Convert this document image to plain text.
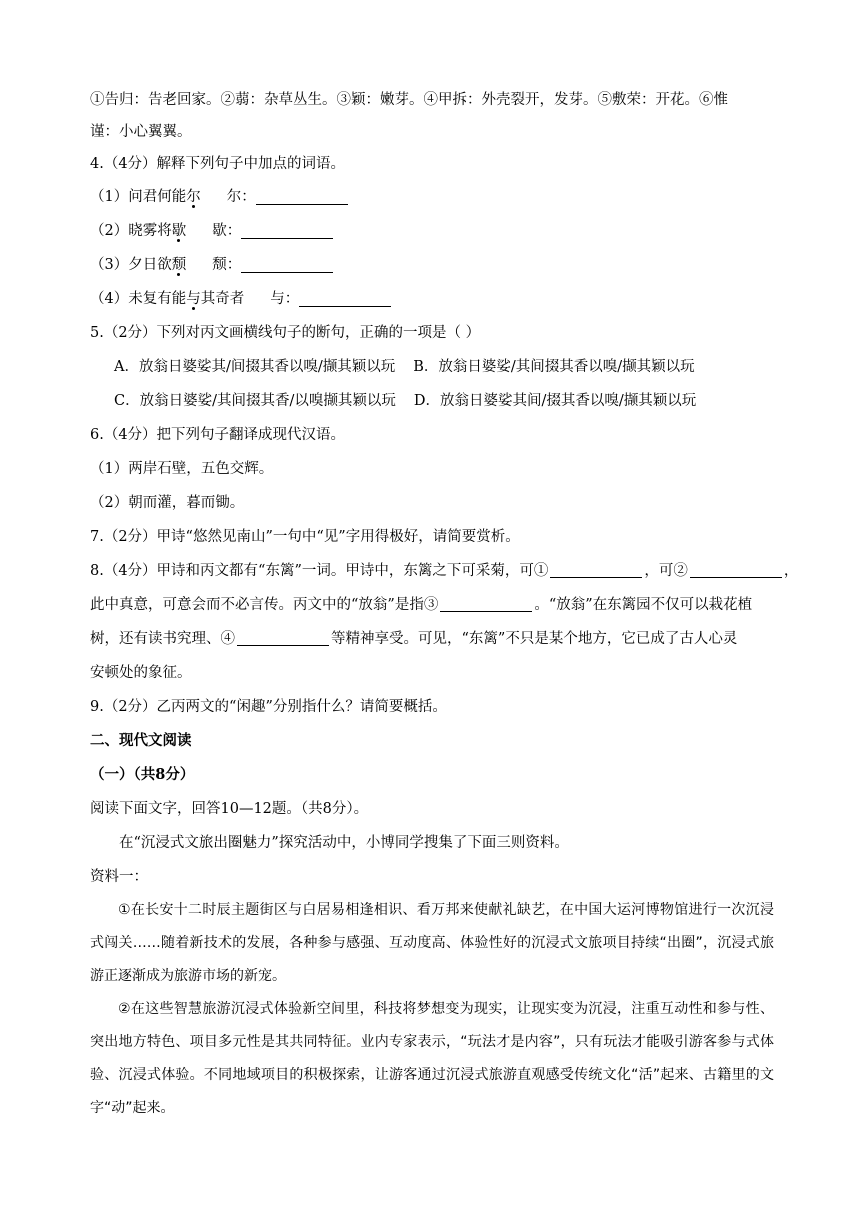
①告归：告老回家。②蒻：杂草丛生。③颖：嫩芽。④甲拆：外壳裂开，发芽。⑤敷荣：开花。⑥惟

谨：小心翼翼。

4.（4分）解释下列句子中加点的词语。

（1）问君何能尔 尔：

（2）晓雾将歇 歇：

（3）夕日欲颓 颓：

（4）未复有能与其奇者 与：

5.（2分）下列对丙文画横线句子的断句，正确的一项是（ ）

A．放翁日婆娑其/间掇其香以嗅/撷其颖以玩 B．放翁日婆娑/其间掇其香以嗅/撷其颖以玩

C．放翁日婆娑/其间掇其香/以嗅撷其颖以玩 D．放翁日婆娑其间/掇其香以嗅/撷其颖以玩

6.（4分）把下列句子翻译成现代汉语。

（1）两岸石壁，五色交辉。

（2）朝而灌，暮而锄。

7.（2分）甲诗“悠然见南山”一句中“见”字用得极好，请简要赏析。

8.（4分）甲诗和丙文都有“东篱”一词。甲诗中，东篱之下可采菊，可①	，可②	，

此中真意，可意会而不必言传。丙文中的“放翁”是指③	。“放翁”在东篱园不仅可以栽花植

树，还有读书究理、④	等精神享受。可见，“东篱”不只是某个地方，它已成了古人心灵

安顿处的象征。

9.（2分）乙丙两文的“闲趣”分别指什么？请简要概括。

二、现代文阅读

（一）（共8分）

阅读下面文字，回答10—12题。（共8分）。

在“沉浸式文旅出圈魅力”探究活动中，小博同学搜集了下面三则资料。

资料一：

①在长安十二时辰主题街区与白居易相逢相识、看万邦来使献礼缺艺，在中国大运河博物馆进行一次沉浸式闯关……随着新技术的发展，各种参与感强、互动度高、体验性好的沉浸式文旅项目持续“出圈”，沉浸式旅游正逐渐成为旅游市场的新宠。

②在这些智慧旅游沉浸式体验新空间里，科技将梦想变为现实，让现实变为沉浸，注重互动性和参与性、突出地方特色、项目多元性是其共同特征。业内专家表示，“玩法才是内容”，只有玩法才能吸引游客参与式体验、沉浸式体验。不同地域项目的积极探索，让游客通过沉浸式旅游直观感受传统文化“活”起来、古籍里的文字“动”起来。
